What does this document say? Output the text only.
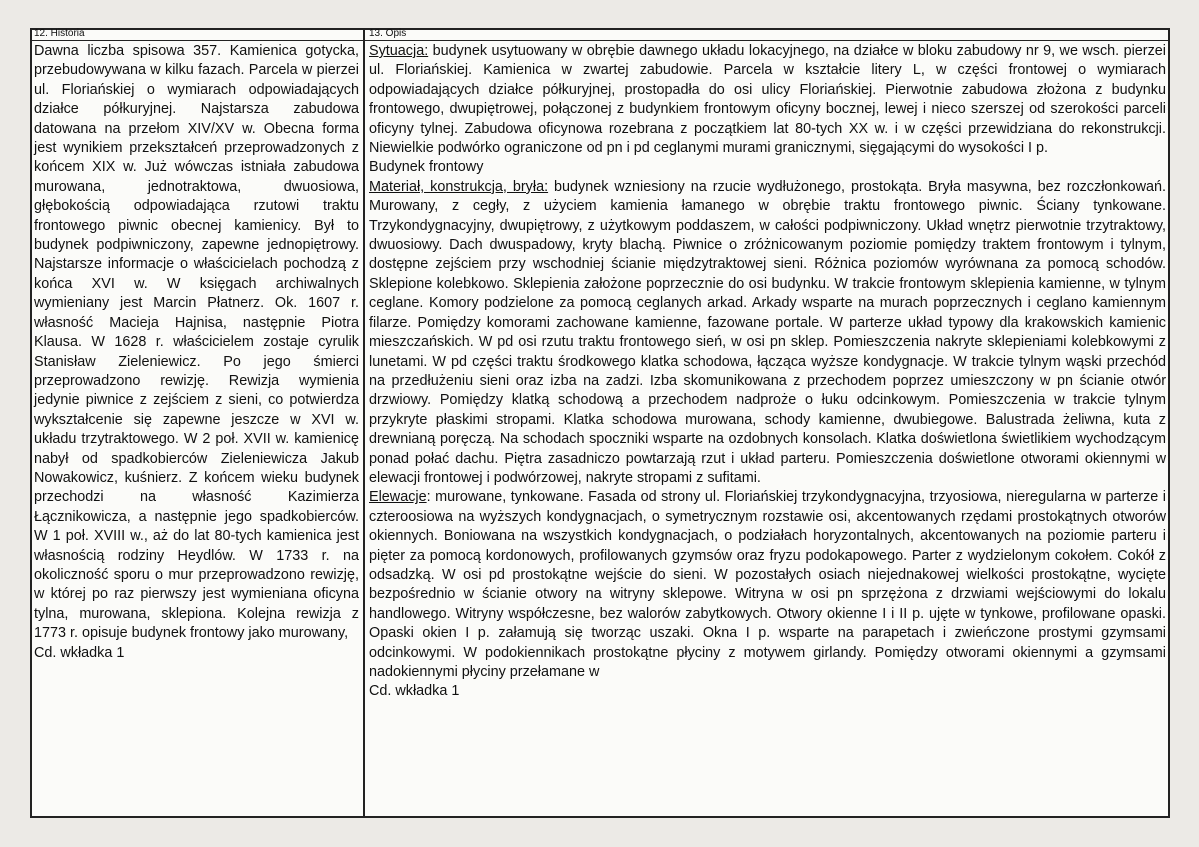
12. Historia

Dawna liczba spisowa 357. Kamienica gotycka, przebudowywana w kilku fazach. Parcela w pierzei ul. Floriańskiej o wymiarach odpowiadających działce półkuryjnej. Najstarsza zabudowa datowana na przełom XIV/XV w. Obecna forma jest wynikiem przekształceń przeprowadzonych z końcem XIX w. Już wówczas istniała zabudowa murowana, jednotraktowa, dwuosiowa, głębokością odpowiadająca rzutowi traktu frontowego piwnic obecnej kamienicy. Był to budynek podpiwniczony, zapewne jednopiętrowy. Najstarsze informacje o właścicielach pochodzą z końca XVI w. W księgach archiwalnych wymieniany jest Marcin Płatnerz. Ok. 1607 r. własność Macieja Hajnisa, następnie Piotra Klausa. W 1628 r. właścicielem zostaje cyrulik Stanisław Zieleniewicz. Po jego śmierci przeprowadzono rewizję. Rewizja wymienia jedynie piwnice z zejściem z sieni, co potwierdza wykształcenie się zapewne jeszcze w XVI w. układu trzytraktowego. W 2 poł. XVII w. kamienicę nabył od spadkobierców Zieleniewicza Jakub Nowakowicz, kuśnierz. Z końcem wieku budynek przechodzi na własność Kazimierza Łącznikowicza, a następnie jego spadkobierców. W 1 poł. XVIII w., aż do lat 80-tych kamienica jest własnością rodziny Heydlów. W 1733 r. na okoliczność sporu o mur przeprowadzono rewizję, w której po raz pierwszy jest wymieniana oficyna tylna, murowana, sklepiona. Kolejna rewizja z 1773 r. opisuje budynek frontowy jako murowany,

Cd. wkładka 1

13. Opis

Sytuacja: budynek usytuowany w obrębie dawnego układu lokacyjnego, na działce w bloku zabudowy nr 9, we wsch. pierzei ul. Floriańskiej. Kamienica w zwartej zabudowie. Parcela w kształcie litery L, w części frontowej o wymiarach odpowiadających działce półkuryjnej, prostopadła do osi ulicy Floriańskiej. Pierwotnie zabudowa złożona z budynku frontowego, dwupiętrowej, połączonej z budynkiem frontowym oficyny bocznej, lewej i nieco szerszej od szerokości parceli oficyny tylnej. Zabudowa oficynowa rozebrana z początkiem lat 80-tych XX w. i w części przewidziana do rekonstrukcji. Niewielkie podwórko ograniczone od pn i pd ceglanymi murami granicznymi, sięgającymi do wysokości I p.

Budynek frontowy

Materiał, konstrukcja, bryła: budynek wzniesiony na rzucie wydłużonego, prostokąta. Bryła masywna, bez rozczłonkowań. Murowany, z cegły, z użyciem kamienia łamanego w obrębie traktu frontowego piwnic. Ściany tynkowane. Trzykondygnacyjny, dwupiętrowy, z użytkowym poddaszem, w całości podpiwniczony. Układ wnętrz pierwotnie trzytraktowy, dwuosiowy. Dach dwuspadowy, kryty blachą. Piwnice o zróżnicowanym poziomie pomiędzy traktem frontowym i tylnym, dostępne zejściem przy wschodniej ścianie międzytraktowej sieni. Różnica poziomów wyrównana za pomocą schodów. Sklepione kolebkowo. Sklepienia założone poprzecznie do osi budynku. W trakcie frontowym sklepienia kamienne, w tylnym ceglane. Komory podzielone za pomocą ceglanych arkad. Arkady wsparte na murach poprzecznych i ceglano kamiennym filarze. Pomiędzy komorami zachowane kamienne, fazowane portale. W parterze układ typowy dla krakowskich kamienic mieszczańskich. W pd osi rzutu traktu frontowego sień, w osi pn sklep. Pomieszczenia nakryte sklepieniami kolebkowymi z lunetami. W pd części traktu środkowego klatka schodowa, łącząca wyższe kondygnacje. W trakcie tylnym wąski przechód na przedłużeniu sieni oraz izba na zadzi. Izba skomunikowana z przechodem poprzez umieszczony w pn ścianie otwór drzwiowy. Pomiędzy klatką schodową a przechodem nadproże o łuku odcinkowym. Pomieszczenia w trakcie tylnym przykryte płaskimi stropami. Klatka schodowa murowana, schody kamienne, dwubiegowe. Balustrada żeliwna, kuta z drewnianą poręczą. Na schodach spoczniki wsparte na ozdobnych konsolach. Klatka doświetlona świetlikiem wychodzącym ponad połać dachu. Piętra zasadniczo powtarzają rzut i układ parteru. Pomieszczenia doświetlone otworami okiennymi w elewacji frontowej i podwórzowej, nakryte stropami z sufitami.

Elewacje: murowane, tynkowane. Fasada od strony ul. Floriańskiej trzykondygnacyjna, trzyosiowa, nieregularna w parterze i czteroosiowa na wyższych kondygnacjach, o symetrycznym rozstawie osi, akcentowanych rzędami prostokątnych otworów okiennych. Boniowana na wszystkich kondygnacjach, o podziałach horyzontalnych, akcentowanych na poziomie parteru i pięter za pomocą kordonowych, profilowanych gzymsów oraz fryzu podokapowego. Parter z wydzielonym cokołem. Cokół z odsadzką. W osi pd prostokątne wejście do sieni. W pozostałych osiach niejednakowej wielkości prostokątne, wycięte bezpośrednio w ścianie otwory na witryny sklepowe. Witryna w osi pn sprzężona z drzwiami wejściowymi do lokalu handlowego. Witryny współczesne, bez walorów zabytkowych. Otwory okienne I i II p. ujęte w tynkowe, profilowane opaski. Opaski okien I p. załamują się tworząc uszaki. Okna I p. wsparte na parapetach i zwieńczone prostymi gzymsami odcinkowymi. W podokiennikach prostokątne płyciny z motywem girlandy. Pomiędzy otworami okiennymi a gzymsami nadokiennymi płyciny przełamane w

Cd. wkładka 1
